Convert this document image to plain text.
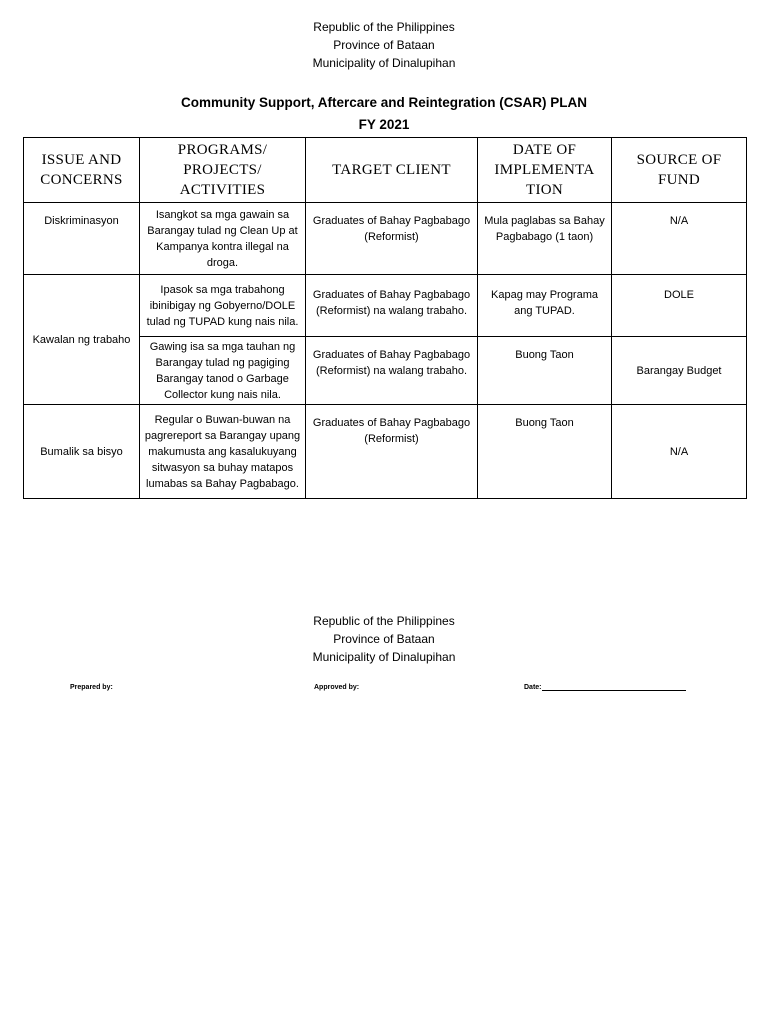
Republic of the Philippines
Province of Bataan
Municipality of Dinalupihan
Community Support, Aftercare and Reintegration (CSAR) PLAN
FY 2021
ISSUE AND CONCERNS	PROGRAMS/ PROJECTS/ ACTIVITIES	TARGET CLIENT	DATE OF IMPLEMENTA TION	SOURCE OF FUND
Diskriminasyon	Isangkot sa mga gawain sa Barangay tulad ng Clean Up at Kampanya kontra illegal na droga.	Graduates of Bahay Pagbabago (Reformist)	Mula paglabas sa Bahay Pagbabago (1 taon)	N/A
Kawalan ng trabaho	Ipasok sa mga trabahong ibinibigay ng Gobyerno/DOLE tulad ng TUPAD kung nais nila.	Graduates of Bahay Pagbabago (Reformist) na walang trabaho.	Kapag may Programa ang TUPAD.	DOLE
	Gawing isa sa mga tauhan ng Barangay tulad ng pagiging Barangay tanod o Garbage Collector kung nais nila.	Graduates of Bahay Pagbabago (Reformist) na walang trabaho.	Buong Taon	Barangay Budget
Bumalik sa bisyo	Regular o Buwan-buwan na pagrereport sa Barangay upang makumusta ang kasalukuyang sitwasyon sa buhay matapos lumabas sa Bahay Pagbabago.	Graduates of Bahay Pagbabago (Reformist)	Buong Taon	N/A
Republic of the Philippines
Province of Bataan
Municipality of Dinalupihan
Prepared by:	Approved by:	Date:
